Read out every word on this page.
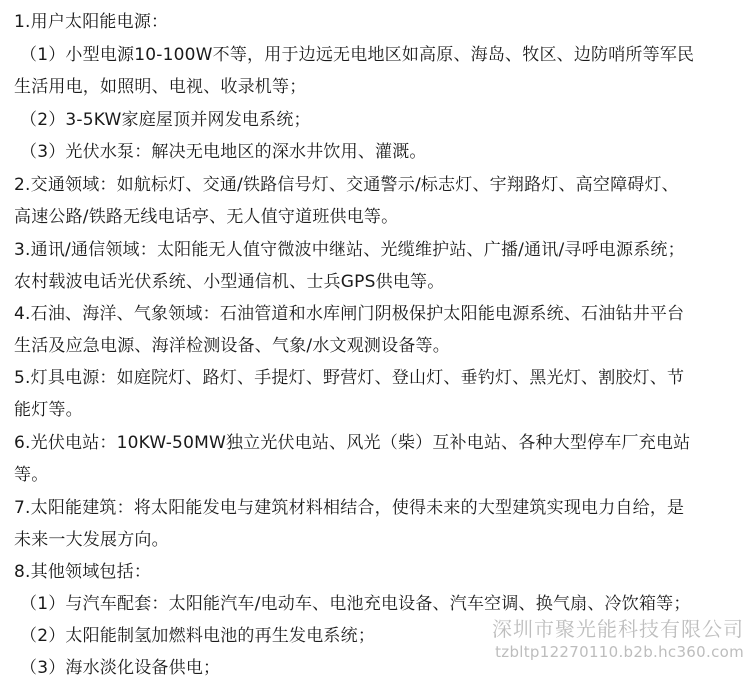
1.用户太阳能电源：
（1）小型电源10-100W不等，用于边远无电地区如高原、海岛、牧区、边防哨所等军民
生活用电，如照明、电视、收录机等；
（2）3-5KW家庭屋顶并网发电系统；
（3）光伏水泵：解决无电地区的深水井饮用、灌溉。
2.交通领域：如航标灯、交通/铁路信号灯、交通警示/标志灯、宇翔路灯、高空障碍灯、
高速公路/铁路无线电话亭、无人值守道班供电等。
3.通讯/通信领域：太阳能无人值守微波中继站、光缆维护站、广播/通讯/寻呼电源系统；
农村载波电话光伏系统、小型通信机、士兵GPS供电等。
4.石油、海洋、气象领域：石油管道和水库闸门阴极保护太阳能电源系统、石油钻井平台
生活及应急电源、海洋检测设备、气象/水文观测设备等。
5.灯具电源：如庭院灯、路灯、手提灯、野营灯、登山灯、垂钓灯、黑光灯、割胶灯、节
能灯等。
6.光伏电站：10KW-50MW独立光伏电站、风光（柴）互补电站、各种大型停车厂充电站
等。
7.太阳能建筑：将太阳能发电与建筑材料相结合，使得未来的大型建筑实现电力自给，是
未来一大发展方向。
8.其他领域包括：
（1）与汽车配套：太阳能汽车/电动车、电池充电设备、汽车空调、换气扇、冷饮箱等；
（2）太阳能制氢加燃料电池的再生发电系统；
（3）海水淡化设备供电；
深圳市聚光能科技有限公司
tzbltp12270110.b2b.hc360.com
